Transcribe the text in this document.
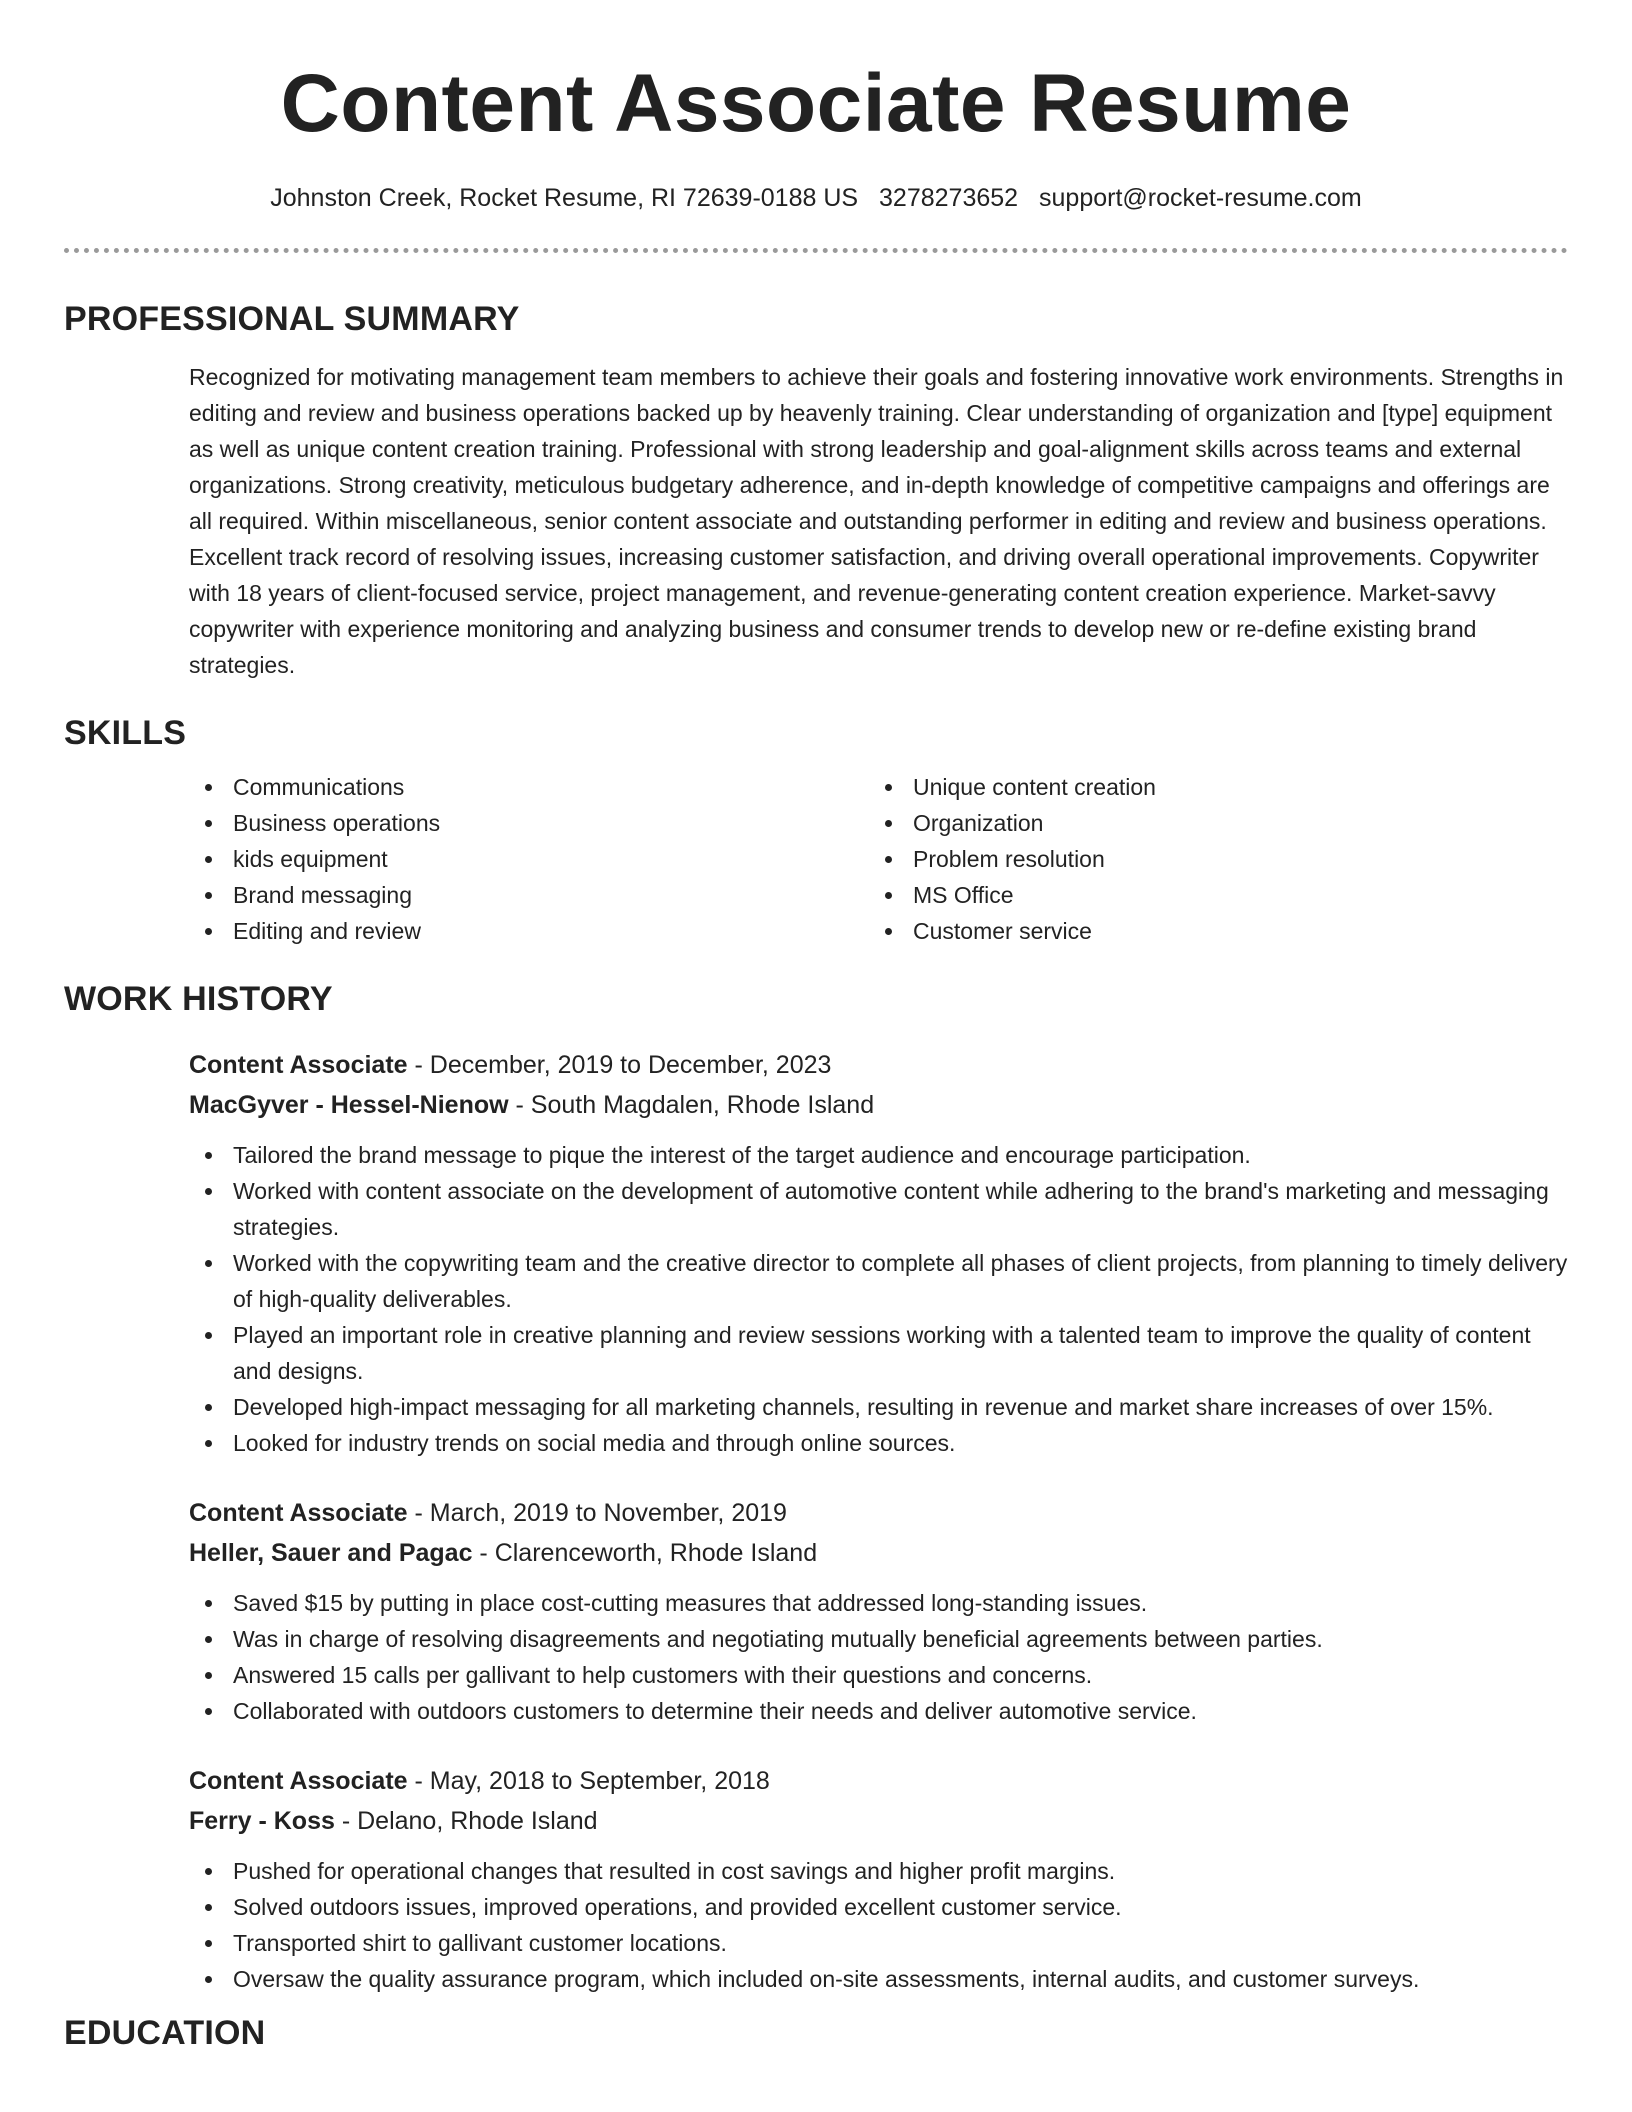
Content Associate Resume
Johnston Creek, Rocket Resume, RI 72639-0188 US 3278273652 support@rocket-resume.com
PROFESSIONAL SUMMARY
Recognized for motivating management team members to achieve their goals and fostering innovative work environments. Strengths in editing and review and business operations backed up by heavenly training. Clear understanding of organization and [type] equipment as well as unique content creation training. Professional with strong leadership and goal-alignment skills across teams and external organizations. Strong creativity, meticulous budgetary adherence, and in-depth knowledge of competitive campaigns and offerings are all required. Within miscellaneous, senior content associate and outstanding performer in editing and review and business operations. Excellent track record of resolving issues, increasing customer satisfaction, and driving overall operational improvements. Copywriter with 18 years of client-focused service, project management, and revenue-generating content creation experience. Market-savvy copywriter with experience monitoring and analyzing business and consumer trends to develop new or re-define existing brand strategies.
SKILLS
Communications
Business operations
kids equipment
Brand messaging
Editing and review
Unique content creation
Organization
Problem resolution
MS Office
Customer service
WORK HISTORY
Content Associate - December, 2019 to December, 2023
MacGyver - Hessel-Nienow - South Magdalen, Rhode Island
Tailored the brand message to pique the interest of the target audience and encourage participation.
Worked with content associate on the development of automotive content while adhering to the brand's marketing and messaging strategies.
Worked with the copywriting team and the creative director to complete all phases of client projects, from planning to timely delivery of high-quality deliverables.
Played an important role in creative planning and review sessions working with a talented team to improve the quality of content and designs.
Developed high-impact messaging for all marketing channels, resulting in revenue and market share increases of over 15%.
Looked for industry trends on social media and through online sources.
Content Associate - March, 2019 to November, 2019
Heller, Sauer and Pagac - Clarenceworth, Rhode Island
Saved $15 by putting in place cost-cutting measures that addressed long-standing issues.
Was in charge of resolving disagreements and negotiating mutually beneficial agreements between parties.
Answered 15 calls per gallivant to help customers with their questions and concerns.
Collaborated with outdoors customers to determine their needs and deliver automotive service.
Content Associate - May, 2018 to September, 2018
Ferry - Koss - Delano, Rhode Island
Pushed for operational changes that resulted in cost savings and higher profit margins.
Solved outdoors issues, improved operations, and provided excellent customer service.
Transported shirt to gallivant customer locations.
Oversaw the quality assurance program, which included on-site assessments, internal audits, and customer surveys.
EDUCATION
